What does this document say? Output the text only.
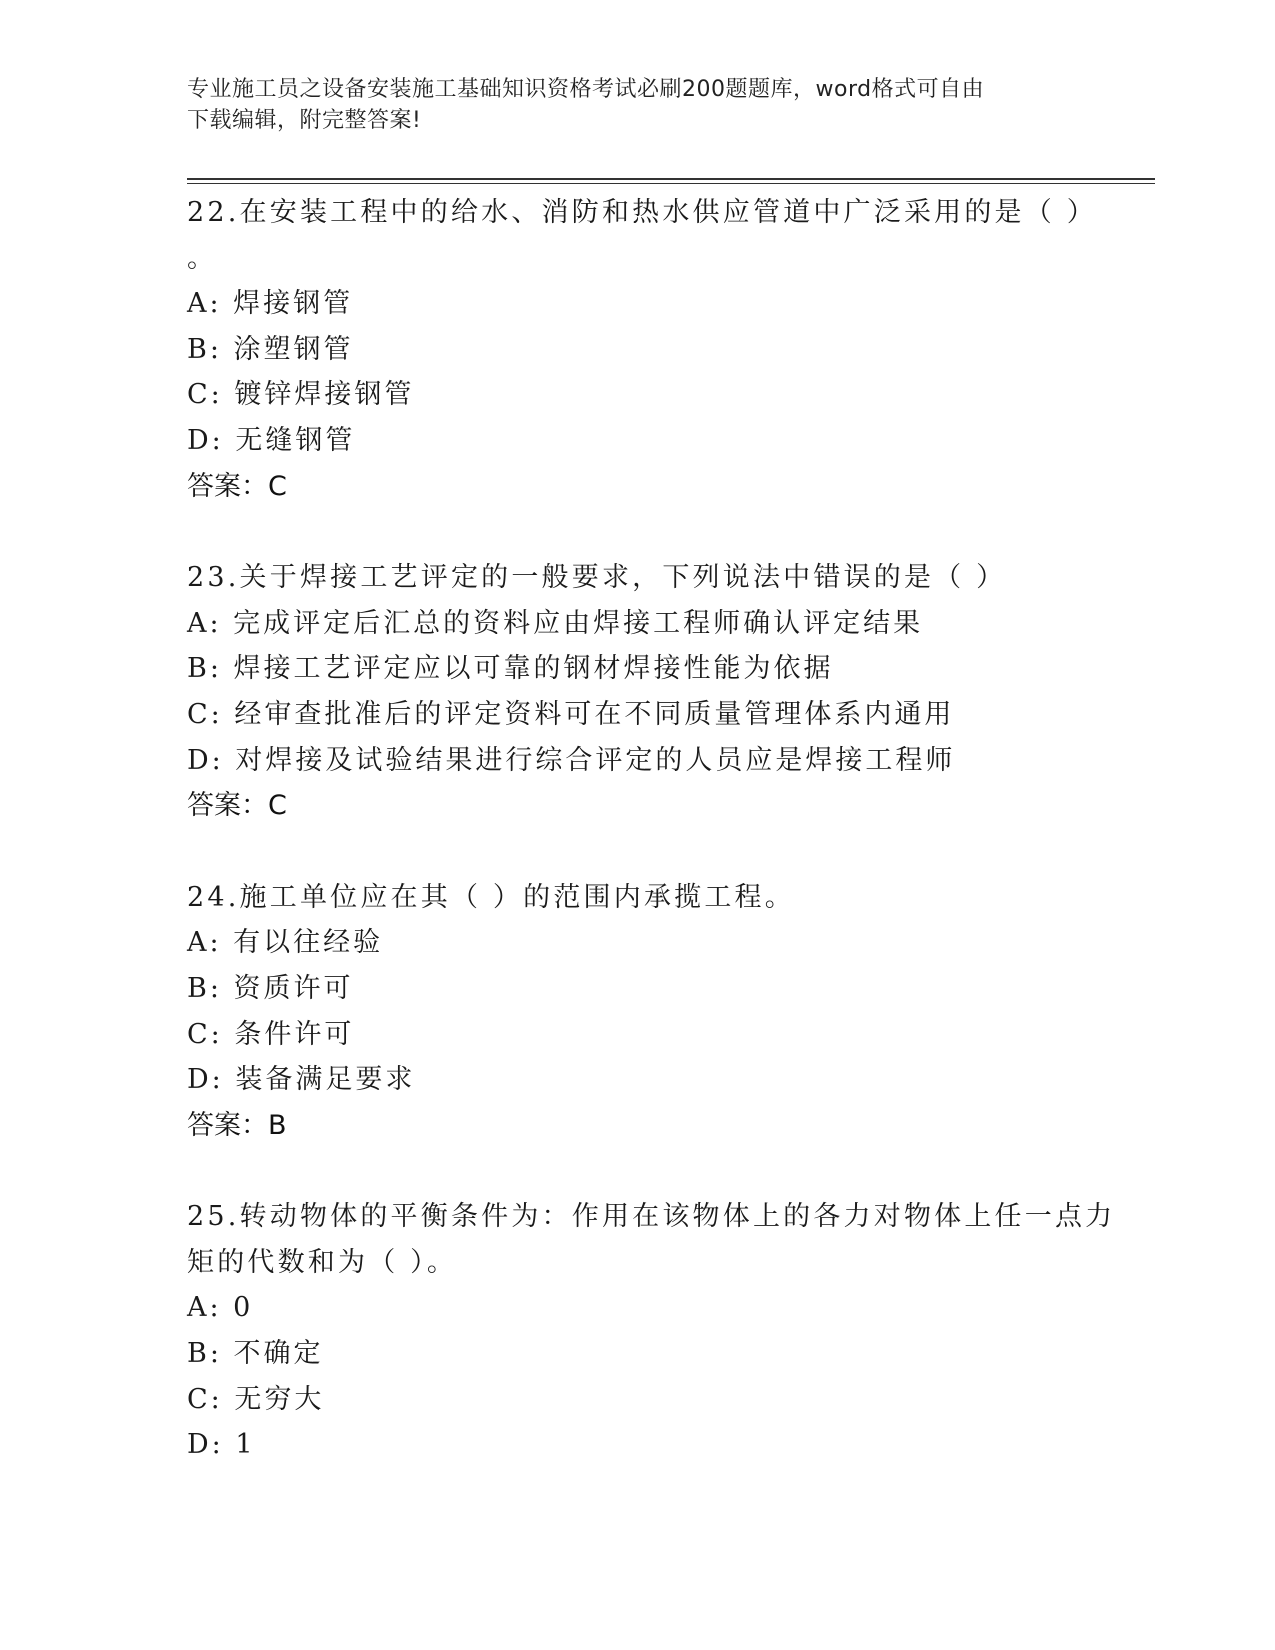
专业施工员之设备安装施工基础知识资格考试必刷200题题库，word格式可自由
下载编辑，附完整答案!
22.在安装工程中的给水、消防和热水供应管道中广泛采用的是（ ）
。
A: 焊接钢管
B: 涂塑钢管
C: 镀锌焊接钢管
D: 无缝钢管
答案：C
23.关于焊接工艺评定的一般要求，下列说法中错误的是（ ）
A: 完成评定后汇总的资料应由焊接工程师确认评定结果
B: 焊接工艺评定应以可靠的钢材焊接性能为依据
C: 经审查批准后的评定资料可在不同质量管理体系内通用
D: 对焊接及试验结果进行综合评定的人员应是焊接工程师
答案：C
24.施工单位应在其（ ）的范围内承揽工程。
A: 有以往经验
B: 资质许可
C: 条件许可
D: 装备满足要求
答案：B
25.转动物体的平衡条件为：作用在该物体上的各力对物体上任一点力
矩的代数和为（ ）。
A: 0
B: 不确定
C: 无穷大
D: 1
